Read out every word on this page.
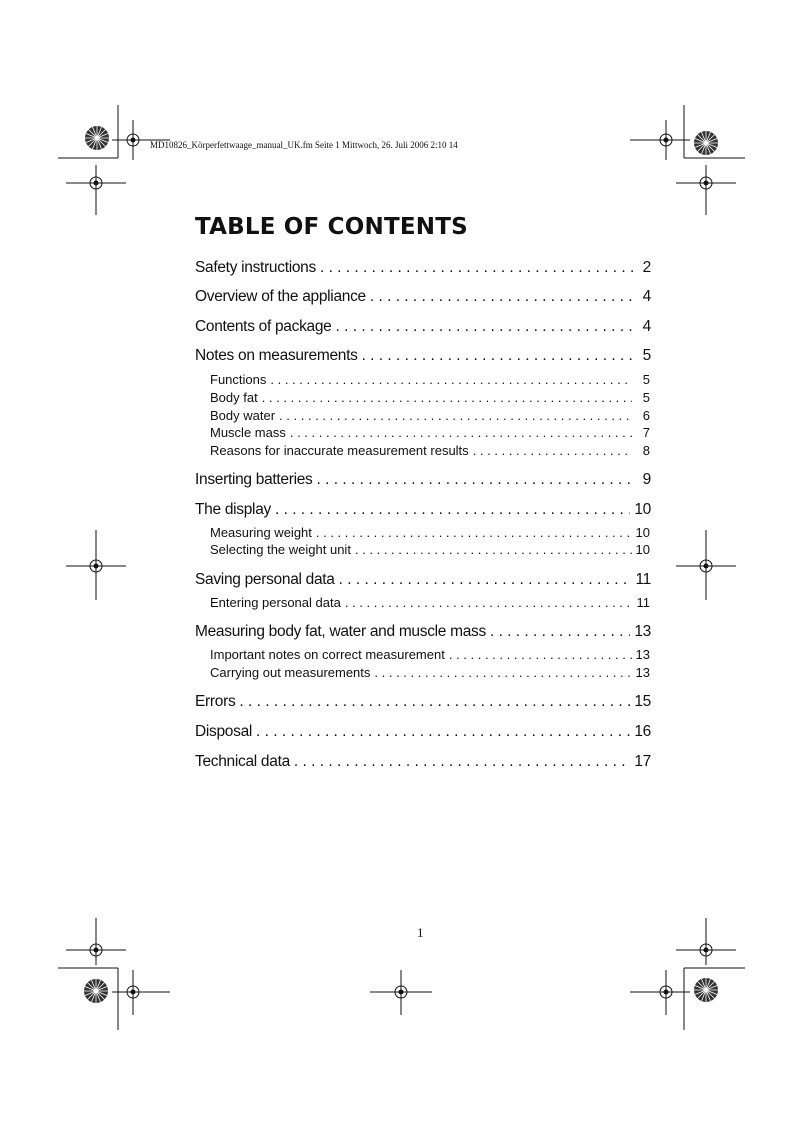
MD10826_Körperfettwaage_manual_UK.fm Seite 1 Mittwoch, 26. Juli 2006 2:10 14
TABLE OF CONTENTS
Safety instructions . . .	2
Overview of the appliance . . .	4
Contents of package . . .	4
Notes on measurements . . .	5
Functions . . .	5
Body fat . . .	5
Body water . . .	6
Muscle mass . . .	7
Reasons for inaccurate measurement results . . .	8
Inserting batteries . . .	9
The display . . .	10
Measuring weight . . .	10
Selecting the weight unit . . .	10
Saving personal data . . .	11
Entering personal data . . .	11
Measuring body fat, water and muscle mass . . .	13
Important notes on correct measurement . . .	13
Carrying out measurements . . .	13
Errors . . .	15
Disposal . . .	16
Technical data . . .	17
1
